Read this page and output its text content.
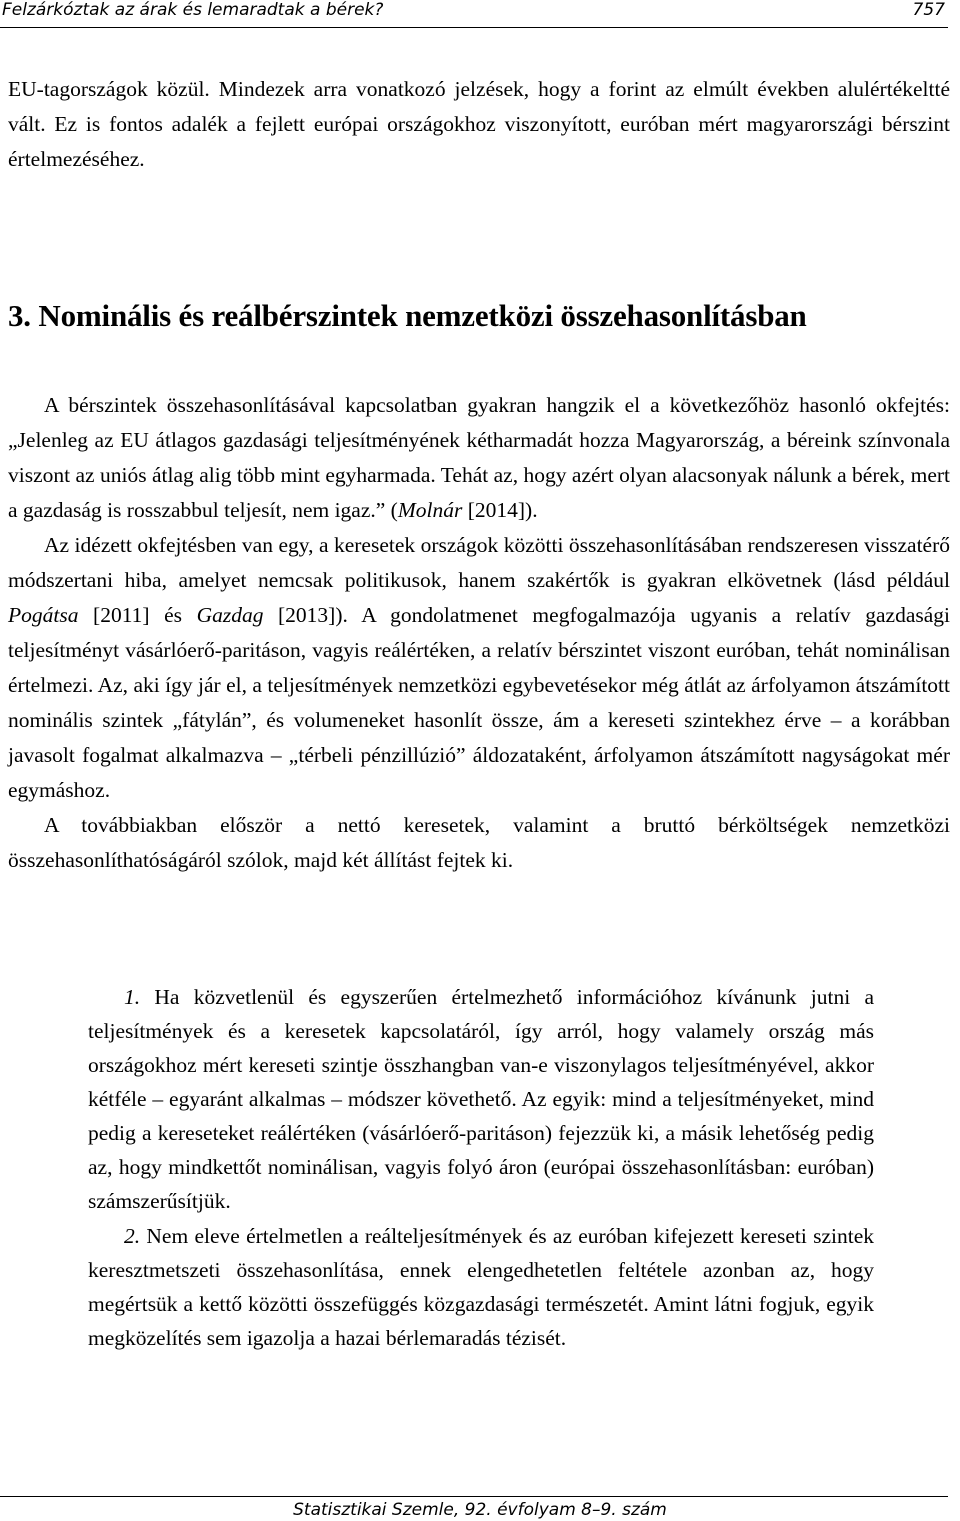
Felzárkóztak az árak és lemaradtak a bérek?	757

EU-tagországok közül. Mindezek arra vonatkozó jelzések, hogy a forint az elmúlt években alulértékeltté vált. Ez is fontos adalék a fejlett európai országokhoz viszonyított, euróban mért magyarországi bérszint értelmezéséhez.

3. Nominális és reálbérszintek nemzetközi összehasonlításban

A bérszintek összehasonlításával kapcsolatban gyakran hangzik el a következőhöz hasonló okfejtés: „Jelenleg az EU átlagos gazdasági teljesítményének kétharmadát hozza Magyarország, a béreink színvonala viszont az uniós átlag alig több mint egyharmada. Tehát az, hogy azért olyan alacsonyak nálunk a bérek, mert a gazdaság is rosszabbul teljesít, nem igaz.” (Molnár [2014]).

Az idézett okfejtésben van egy, a keresetek országok közötti összehasonlításában rendszeresen visszatérő módszertani hiba, amelyet nemcsak politikusok, hanem szakértők is gyakran elkövetnek (lásd például Pogátsa [2011] és Gazdag [2013]). A gondolatmenet megfogalmazója ugyanis a relatív gazdasági teljesítményt vásárlóerő-paritáson, vagyis reálértéken, a relatív bérszintet viszont euróban, tehát nominálisan értelmezi. Az, aki így jár el, a teljesítmények nemzetközi egybevetésekor még átlát az árfolyamon átszámított nominális szintek „fátylán”, és volumeneket hasonlít össze, ám a kereseti szintekhez érve – a korábban javasolt fogalmat alkalmazva – „térbeli pénzillúzió” áldozataként, árfolyamon átszámított nagyságokat mér egymáshoz.

A továbbiakban először a nettó keresetek, valamint a bruttó bérköltségek nemzetközi összehasonlíthatóságáról szólok, majd két állítást fejtek ki.

1. Ha közvetlenül és egyszerűen értelmezhető információhoz kívánunk jutni a teljesítmények és a keresetek kapcsolatáról, így arról, hogy valamely ország más országokhoz mért kereseti szintje összhangban van-e viszonylagos teljesítményével, akkor kétféle – egyaránt alkalmas – módszer követhető. Az egyik: mind a teljesítményeket, mind pedig a kereseteket reálértéken (vásárlóerő-paritáson) fejezzük ki, a másik lehetőség pedig az, hogy mindkettőt nominálisan, vagyis folyó áron (európai összehasonlításban: euróban) számszerűsítjük.

2. Nem eleve értelmetlen a reálteljesítmények és az euróban kifejezett kereseti szintek keresztmetszeti összehasonlítása, ennek elengedhetetlen feltétele azonban az, hogy megértsük a kettő közötti összefüggés közgazdasági természetét. Amint látni fogjuk, egyik megközelítés sem igazolja a hazai bérlemaradás tézisét.

Statisztikai Szemle, 92. évfolyam 8–9. szám
